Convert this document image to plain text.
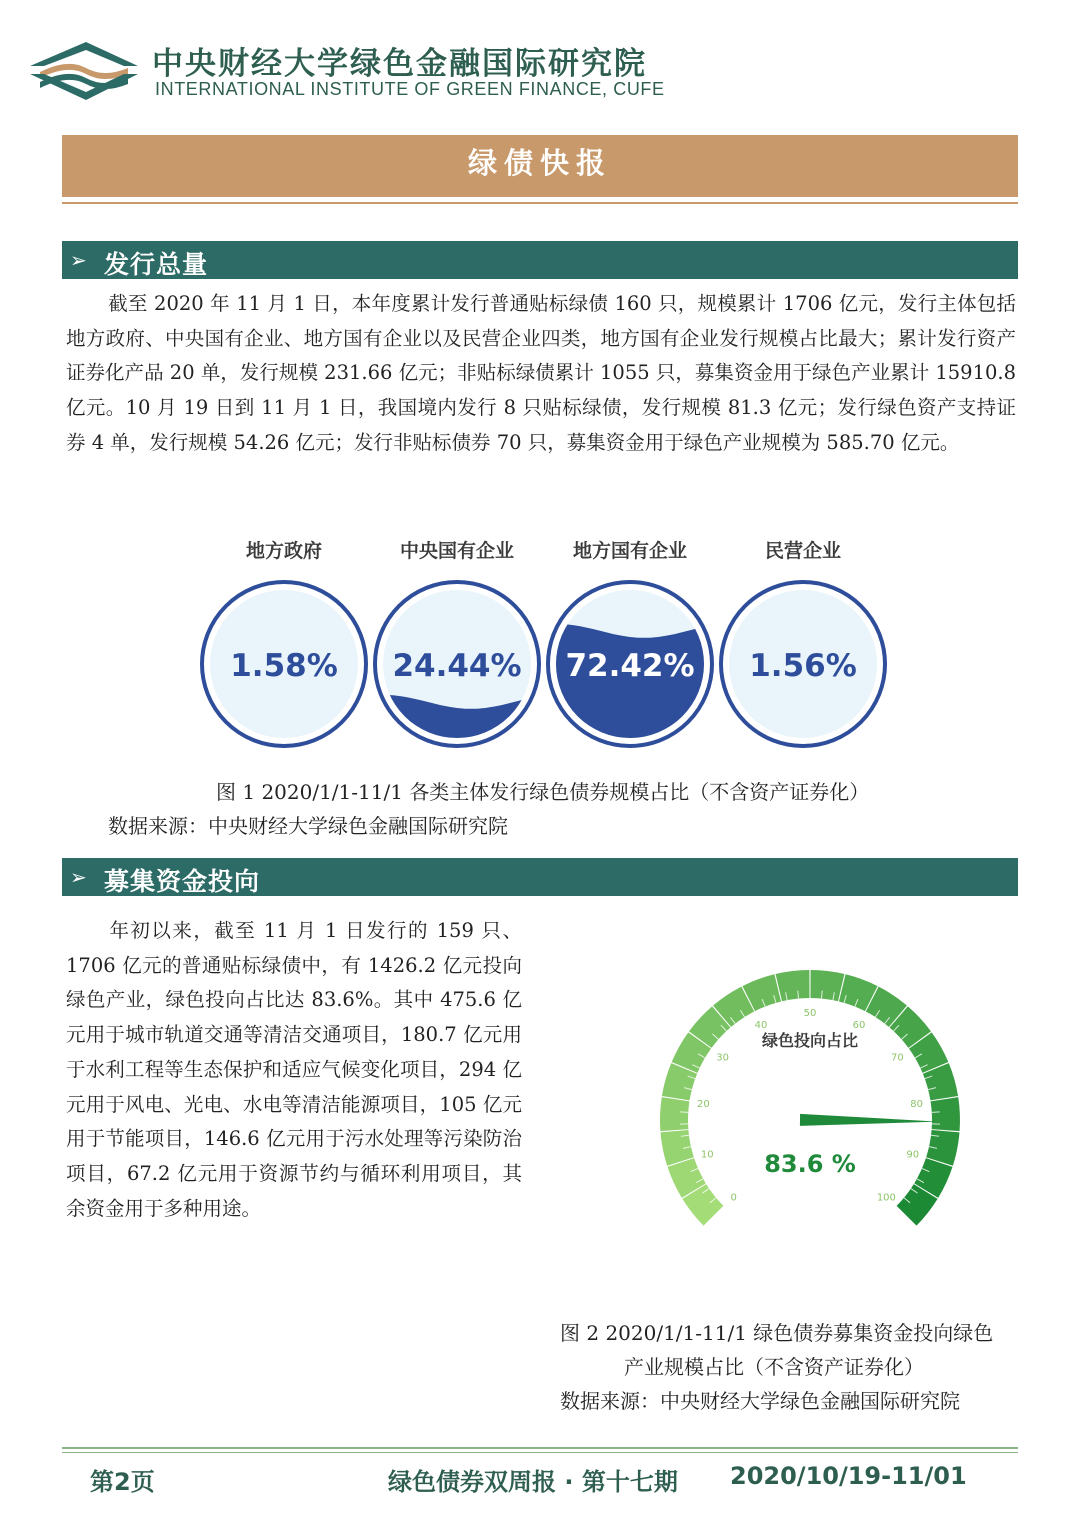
中央财经大学绿色金融国际研究院
INTERNATIONAL INSTITUTE OF GREEN FINANCE, CUFE
绿债快报
➢ 发行总量
截至 2020 年 11 月 1 日，本年度累计发行普通贴标绿债 160 只，规模累计 1706 亿元，发行主体包括地方政府、中央国有企业、地方国有企业以及民营企业四类，地方国有企业发行规模占比最大；累计发行资产证券化产品 20 单，发行规模 231.66 亿元；非贴标绿债累计 1055 只，募集资金用于绿色产业累计 15910.8 亿元。10 月 19 日到 11 月 1 日，我国境内发行 8 只贴标绿债，发行规模 81.3 亿元；发行绿色资产支持证券 4 单，发行规模 54.26 亿元；发行非贴标债券 70 只，募集资金用于绿色产业规模为 585.70 亿元。
地方政府
1.58%
中央国有企业
24.44%
地方国有企业
72.42%
民营企业
1.56%
图 1 2020/1/1-11/1 各类主体发行绿色债券规模占比（不含资产证券化）
数据来源：中央财经大学绿色金融国际研究院
➢ 募集资金投向
年初以来，截至 11 月 1 日发行的 159 只、1706 亿元的普通贴标绿债中，有 1426.2 亿元投向绿色产业，绿色投向占比达 83.6%。其中 475.6 亿元用于城市轨道交通等清洁交通项目，180.7 亿元用于水利工程等生态保护和适应气候变化项目，294 亿元用于风电、光电、水电等清洁能源项目，105 亿元用于节能项目，146.6 亿元用于污水处理等污染防治项目，67.2 亿元用于资源节约与循环利用项目，其余资金用于多种用途。	0
10
20
30
40
50
60
70
80
90
100
绿色投向占比
83.6 %
图 2 2020/1/1-11/1 绿色债券募集资金投向绿色
产业规模占比（不含资产证券化）
数据来源：中央财经大学绿色金融国际研究院
第2页	绿色债券双周报 · 第十七期 2020/10/19-11/01
